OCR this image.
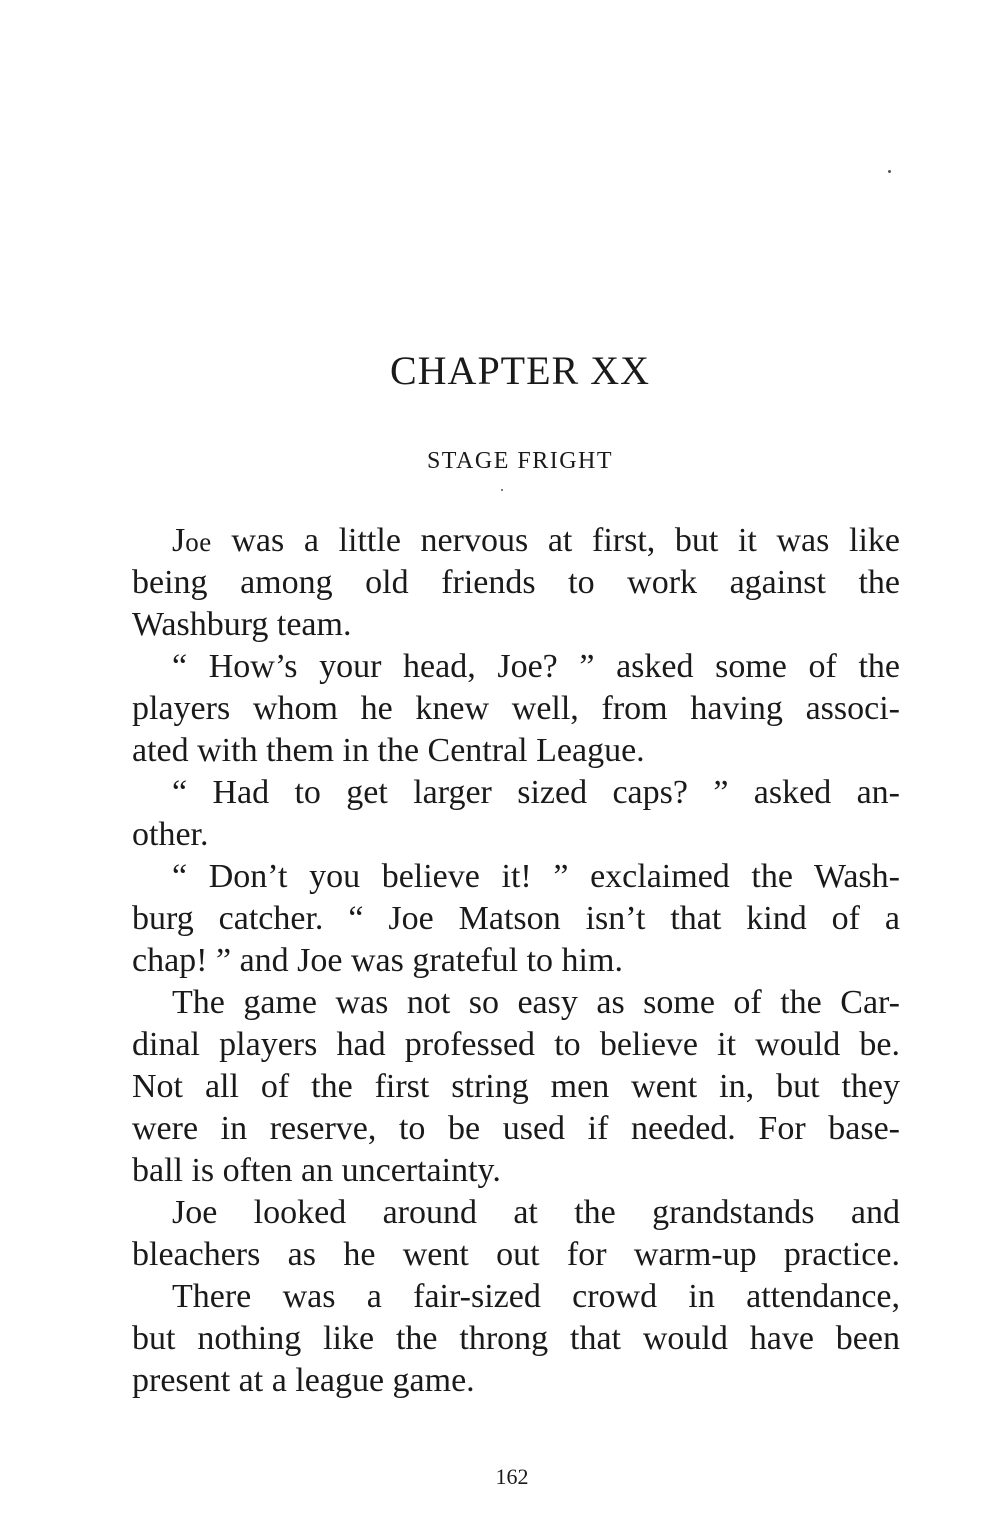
CHAPTER XX
STAGE FRIGHT
Joe was a little nervous at first, but it was like
being among old friends to work against the
Washburg team.
“ How’s your head, Joe? ” asked some of the
players whom he knew well, from having associ-
ated with them in the Central League.
“ Had to get larger sized caps? ” asked an-
other.
“ Don’t you believe it! ” exclaimed the Wash-
burg catcher. “ Joe Matson isn’t that kind of a
chap! ” and Joe was grateful to him.
The game was not so easy as some of the Car-
dinal players had professed to believe it would be.
Not all of the first string men went in, but they
were in reserve, to be used if needed. For base-
ball is often an uncertainty.
Joe looked around at the grandstands and
bleachers as he went out for warm-up practice.
There was a fair-sized crowd in attendance,
but nothing like the throng that would have been
present at a league game.
162
